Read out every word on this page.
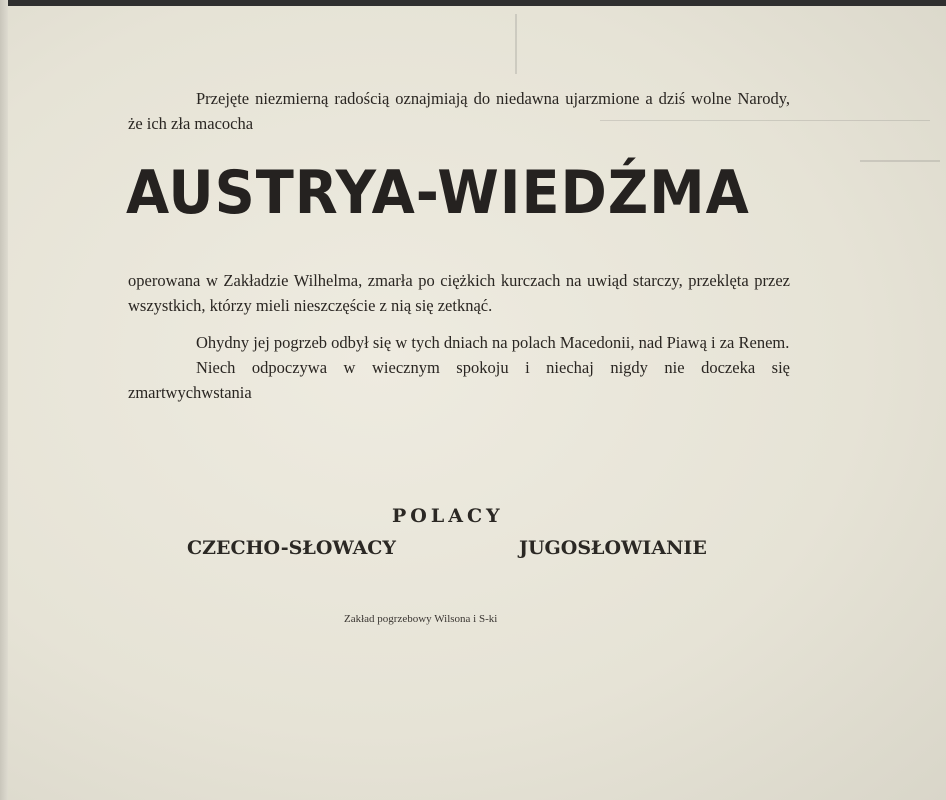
Przejęte niezmierną radością oznajmiają do niedawna ujarzmione a dziś wolne Narody, że ich zła macocha

AUSTRYA-WIEDŹMA

operowana w Zakładzie Wilhelma, zmarła po ciężkich kurczach na uwiąd starczy, przeklęta przez wszystkich, którzy mieli nieszczęście z nią się zetknąć.

Ohydny jej pogrzeb odbył się w tych dniach na polach Macedonii, nad Piawą i za Renem.

Niech odpoczywa w wiecznym spokoju i niechaj nigdy nie doczeka się zmartwychwstania

POLACY
CZECHO-SŁOWACY	JUGOSŁOWIANIE
Zakład pogrzebowy Wilsona i S-ki
